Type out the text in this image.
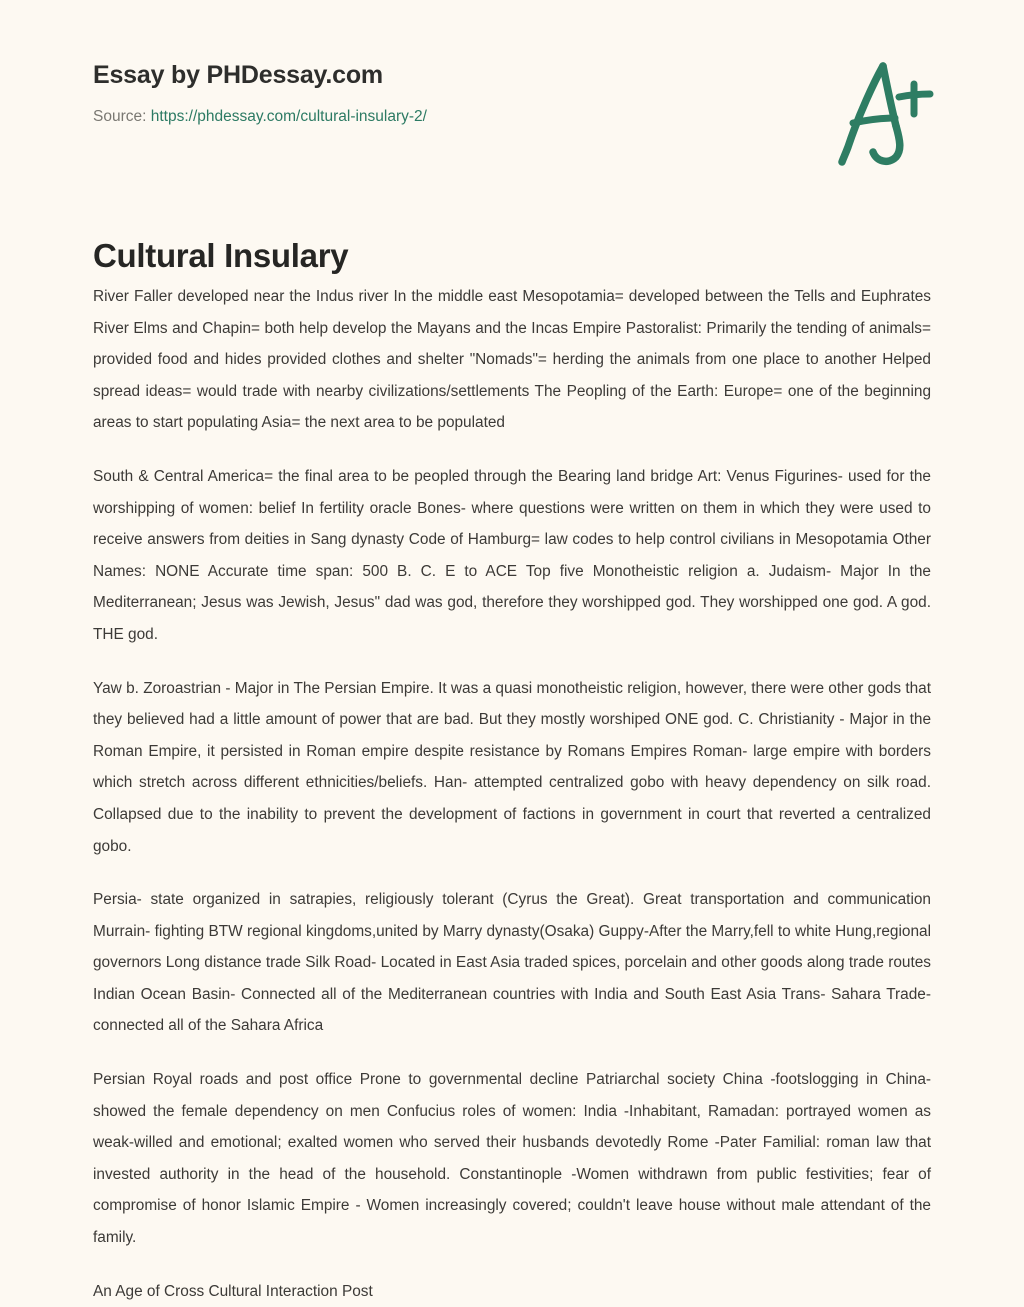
Essay by PHDessay.com
Source: https://phdessay.com/cultural-insulary-2/
Cultural Insulary

River Faller developed near the Indus river In the middle east Mesopotamia= developed between the Tells and Euphrates River Elms and Chapin= both help develop the Mayans and the Incas Empire Pastoralist: Primarily the tending of animals= provided food and hides provided clothes and shelter "Nomads"= herding the animals from one place to another Helped spread ideas= would trade with nearby civilizations/settlements The Peopling of the Earth: Europe= one of the beginning areas to start populating Asia= the next area to be populated

South & Central America= the final area to be peopled through the Bearing land bridge Art: Venus Figurines- used for the worshipping of women: belief In fertility oracle Bones- where questions were written on them in which they were used to receive answers from deities in Sang dynasty Code of Hamburg= law codes to help control civilians in Mesopotamia Other Names: NONE Accurate time span: 500 B. C. E to ACE Top five Monotheistic religion a. Judaism- Major In the Mediterranean; Jesus was Jewish, Jesus" dad was god, therefore they worshipped god. They worshipped one god. A god. THE god.

Yaw b. Zoroastrian - Major in The Persian Empire. It was a quasi monotheistic religion, however, there were other gods that they believed had a little amount of power that are bad. But they mostly worshiped ONE god. C. Christianity - Major in the Roman Empire, it persisted in Roman empire despite resistance by Romans Empires Roman- large empire with borders which stretch across different ethnicities/beliefs. Han- attempted centralized gobo with heavy dependency on silk road. Collapsed due to the inability to prevent the development of factions in government in court that reverted a centralized gobo.

Persia- state organized in satrapies, religiously tolerant (Cyrus the Great). Great transportation and communication Murrain- fighting BTW regional kingdoms,united by Marry dynasty(Osaka) Guppy-After the Marry,fell to white Hung,regional governors Long distance trade Silk Road- Located in East Asia traded spices, porcelain and other goods along trade routes Indian Ocean Basin- Connected all of the Mediterranean countries with India and South East Asia Trans- Sahara Trade- connected all of the Sahara Africa

Persian Royal roads and post office Prone to governmental decline Patriarchal society China -footslogging in China- showed the female dependency on men Confucius roles of women: India -Inhabitant, Ramadan: portrayed women as weak-willed and emotional; exalted women who served their husbands devotedly Rome -Pater Familial: roman law that invested authority in the head of the household. Constantinople -Women withdrawn from public festivities; fear of compromise of honor Islamic Empire - Women increasingly covered; couldn't leave house without male attendant of the family.

An Age of Cross Cultural Interaction Post
